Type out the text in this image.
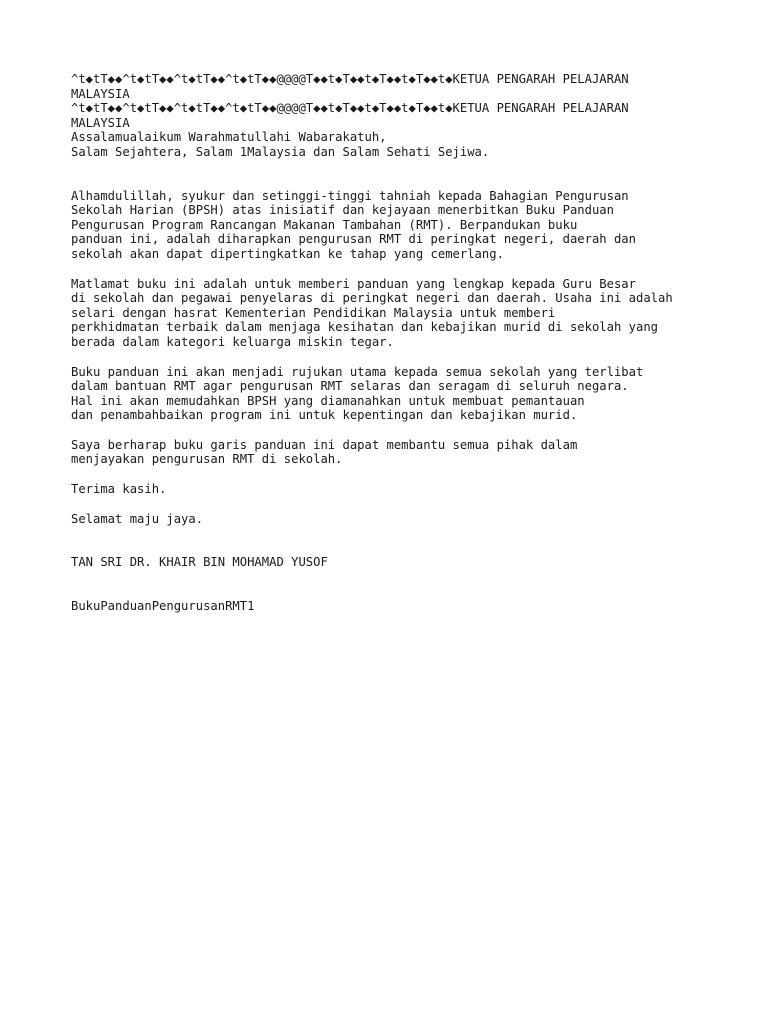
^t◆tT◆◆^t◆tT◆◆^t◆tT◆◆^t◆tT◆◆@@@@T◆◆t◆T◆◆t◆T◆◆t◆T◆◆t◆KETUA PENGARAH PELAJARAN
MALAYSIA
^t◆tT◆◆^t◆tT◆◆^t◆tT◆◆^t◆tT◆◆@@@@T◆◆t◆T◆◆t◆T◆◆t◆T◆◆t◆KETUA PENGARAH PELAJARAN
MALAYSIA
Assalamualaikum Warahmatullahi Wabarakatuh,
Salam Sejahtera, Salam 1Malaysia dan Salam Sehati Sejiwa.
Alhamdulillah, syukur dan setinggi-tinggi tahniah kepada Bahagian Pengurusan
Sekolah Harian (BPSH) atas inisiatif dan kejayaan menerbitkan Buku Panduan
Pengurusan Program Rancangan Makanan Tambahan (RMT). Berpandukan buku
panduan ini, adalah diharapkan pengurusan RMT di peringkat negeri, daerah dan
sekolah akan dapat dipertingkatkan ke tahap yang cemerlang.
Matlamat buku ini adalah untuk memberi panduan yang lengkap kepada Guru Besar
di sekolah dan pegawai penyelaras di peringkat negeri dan daerah. Usaha ini adalah
selari dengan hasrat Kementerian Pendidikan Malaysia untuk memberi
perkhidmatan terbaik dalam menjaga kesihatan dan kebajikan murid di sekolah yang
berada dalam kategori keluarga miskin tegar.
Buku panduan ini akan menjadi rujukan utama kepada semua sekolah yang terlibat
dalam bantuan RMT agar pengurusan RMT selaras dan seragam di seluruh negara.
Hal ini akan memudahkan BPSH yang diamanahkan untuk membuat pemantauan
dan penambahbaikan program ini untuk kepentingan dan kebajikan murid.
Saya berharap buku garis panduan ini dapat membantu semua pihak dalam
menjayakan pengurusan RMT di sekolah.
Terima kasih.
Selamat maju jaya.
TAN SRI DR. KHAIR BIN MOHAMAD YUSOF
BukuPanduanPengurusanRMT1
